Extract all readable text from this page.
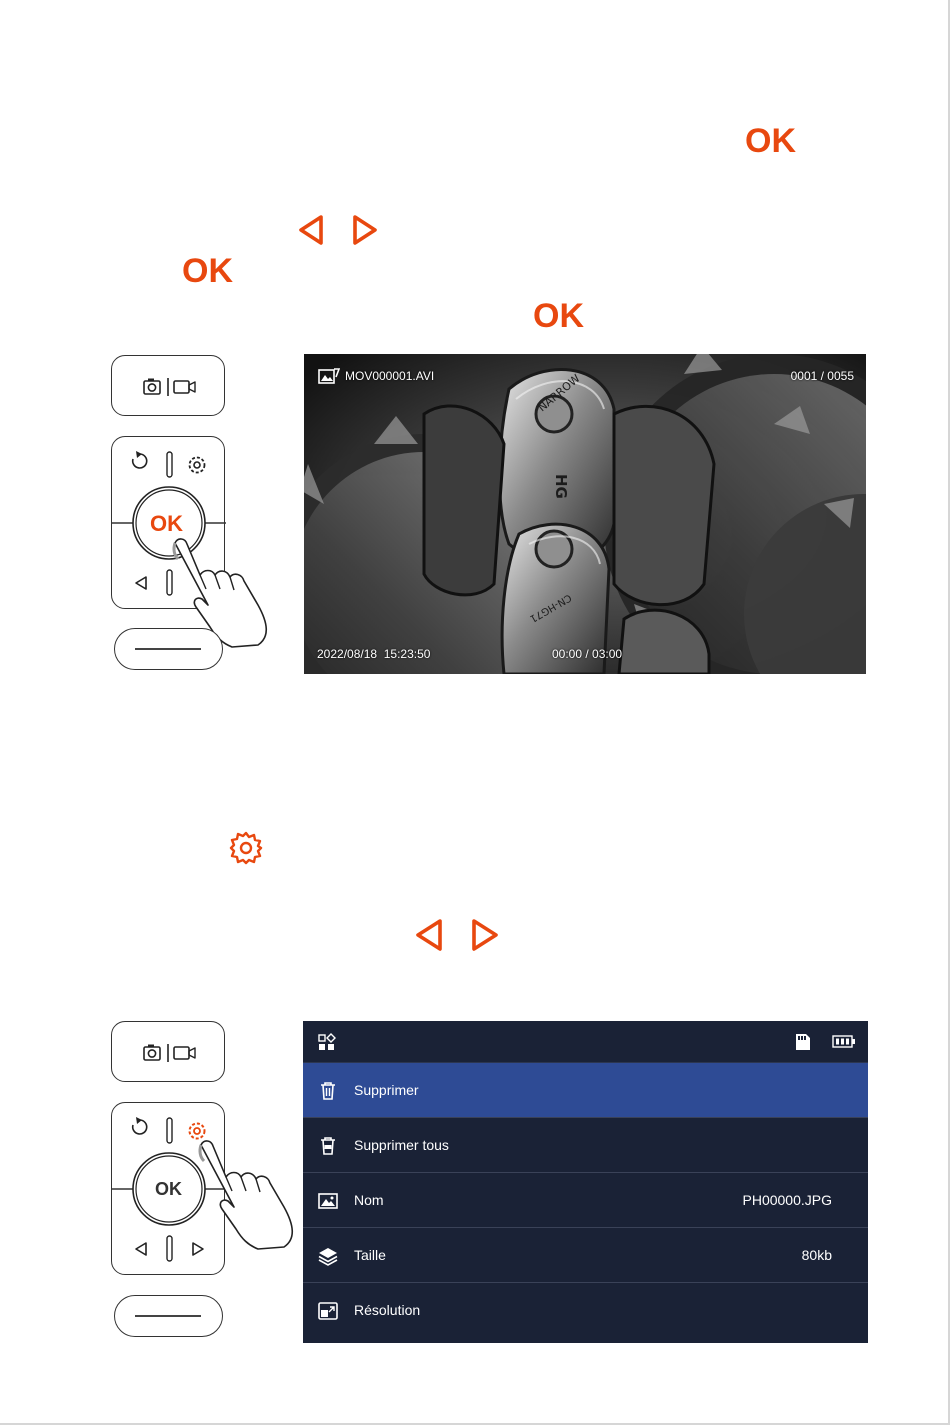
OK
OK
OK
OK
NARROW
HG
CN-HG71
MOV000001.AVI	0001 / 0055
2022/08/18  15:23:50	00:00 / 03:00
OK
Supprimer
Supprimer tous
Nom	PH00000.JPG
Taille	80kb
Résolution
